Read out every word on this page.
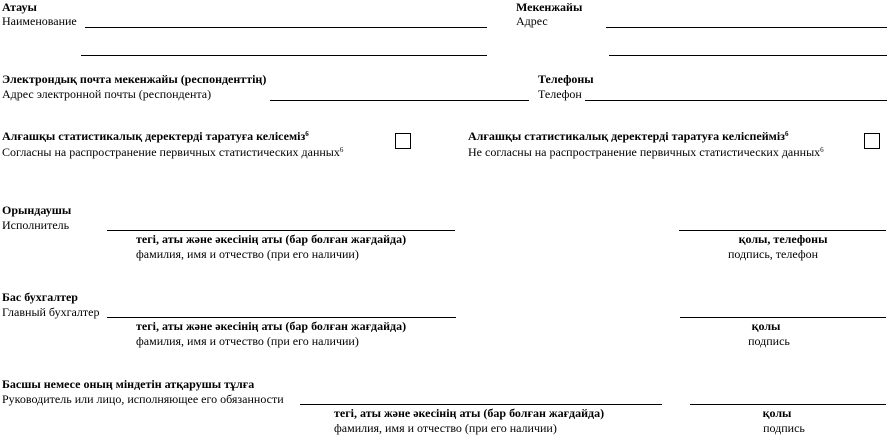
Атауы
Наименование
Мекенжайы
Адрес
Электрондық почта мекенжайы (респонденттің)
Адрес электронной почты (респондента)
Телефоны
Телефон
Алғашқы статистикалық деректерді таратуға келісеміз$^6$
Согласны на распространение первичных статистических данных$^6$
Алғашқы статистикалық деректерді таратуға келіспейміз$^6$
Не согласны на распространение первичных статистических данных$^6$
Орындаушы
Исполнитель
тегі, аты және әкесінің аты (бар болған жағдайда)
фамилия, имя и отчество (при его наличии)
қолы, телефоны
подпись, телефон
Бас бухгалтер
Главный бухгалтер
тегі, аты және әкесінің аты (бар болған жағдайда)
фамилия, имя и отчество (при его наличии)
қолы
подпись
Басшы немесе оның міндетін атқарушы тұлға
Руководитель или лицо, исполняющее его обязанности
тегі, аты және әкесінің аты (бар болған жағдайда)
фамилия, имя и отчество (при его наличии)
қолы
подпись
